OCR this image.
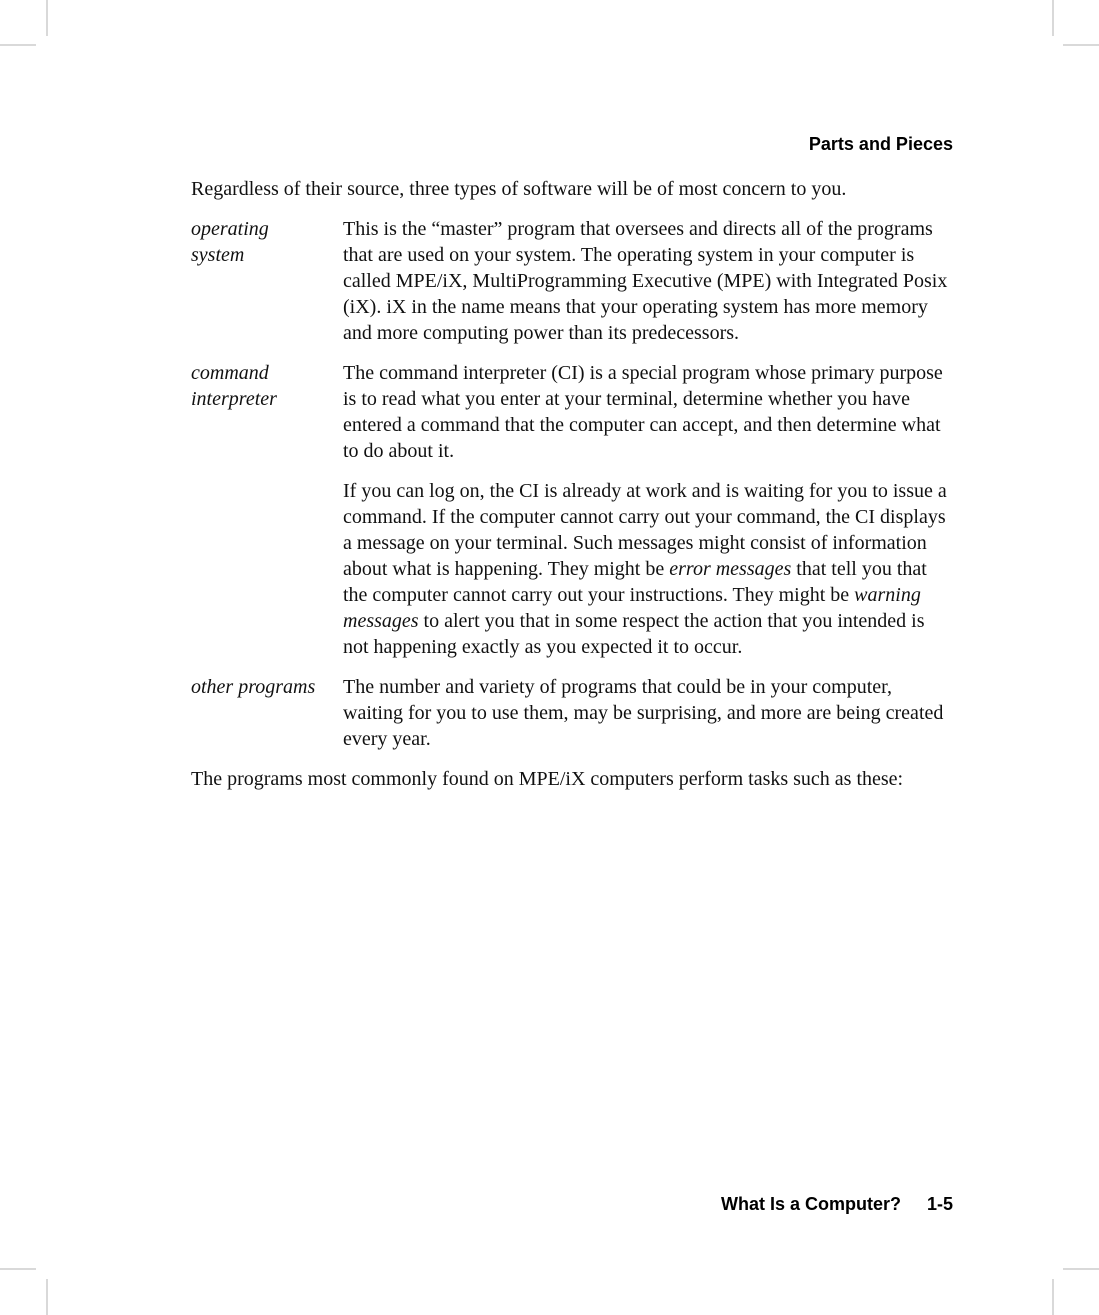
Parts and Pieces

Regardless of their source, three types of software will be of most concern to you.

operating
system

This is the “master” program that oversees and directs all of the programs that are used on your system. The operating system in your computer is called MPE/iX, MultiProgramming Executive (MPE) with Integrated Posix (iX). iX in the name means that your operating system has more memory and more computing power than its predecessors.

command
interpreter

The command interpreter (CI) is a special program whose primary purpose is to read what you enter at your terminal, determine whether you have entered a command that the computer can accept, and then determine what to do about it.

If you can log on, the CI is already at work and is waiting for you to issue a command. If the computer cannot carry out your command, the CI displays a message on your terminal. Such messages might consist of information about what is happening. They might be error messages that tell you that the computer cannot carry out your instructions. They might be warning messages to alert you that in some respect the action that you intended is not happening exactly as you expected it to occur.

other programs	The number and variety of programs that could be in your computer, waiting for you to use them, may be surprising, and more are being created every year.

The programs most commonly found on MPE/iX computers perform tasks such as these:

What Is a Computer? 1-5
